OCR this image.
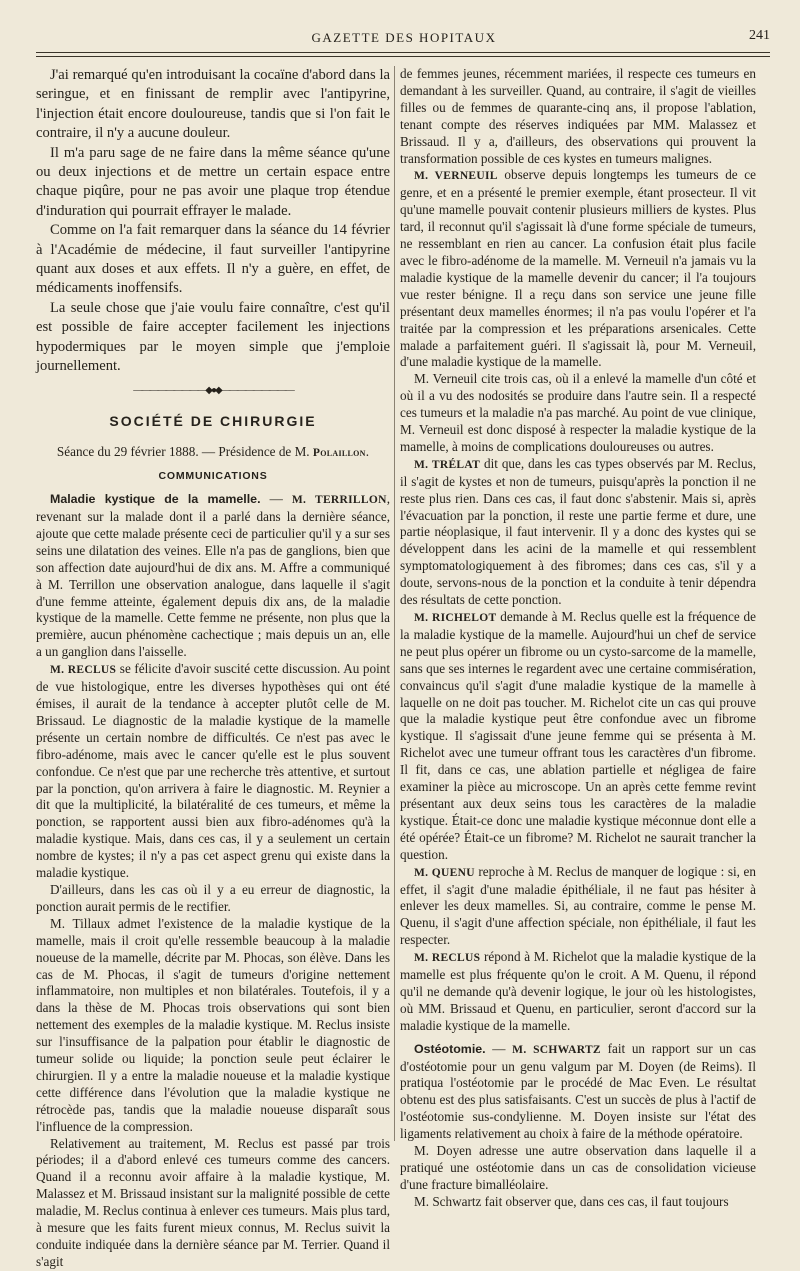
GAZETTE DES HOPITAUX	241

J'ai remarqué qu'en introduisant la cocaïne d'abord dans la seringue, et en finissant de remplir avec l'antipyrine, l'injection était encore douloureuse, tandis que si l'on fait le contraire, il n'y a aucune douleur.

Il m'a paru sage de ne faire dans la même séance qu'une ou deux injections et de mettre un certain espace entre chaque piqûre, pour ne pas avoir une plaque trop étendue d'induration qui pourrait effrayer le malade.

Comme on l'a fait remarquer dans la séance du 14 février à l'Académie de médecine, il faut surveiller l'antipyrine quant aux doses et aux effets. Il n'y a guère, en effet, de médicaments inoffensifs.

La seule chose que j'aie voulu faire connaître, c'est qu'il est possible de faire accepter facilement les injections hypodermiques par le moyen simple que j'emploie journellement.

—————————◆●◆—————————
SOCIÉTÉ DE CHIRURGIE
Séance du 29 février 1888. — Présidence de M. Polaillon.
COMMUNICATIONS

Maladie kystique de la mamelle. — M. TERRILLON, revenant sur la malade dont il a parlé dans la dernière séance, ajoute que cette malade présente ceci de particulier qu'il y a sur ses seins une dilatation des veines. Elle n'a pas de ganglions, bien que son affection date aujourd'hui de dix ans. M. Affre a communiqué à M. Terrillon une observation analogue, dans laquelle il s'agit d'une femme atteinte, également depuis dix ans, de la maladie kystique de la mamelle. Cette femme ne présente, non plus que la première, aucun phénomène cachectique ; mais depuis un an, elle a un ganglion dans l'aisselle.

M. RECLUS se félicite d'avoir suscité cette discussion. Au point de vue histologique, entre les diverses hypothèses qui ont été émises, il aurait de la tendance à accepter plutôt celle de M. Brissaud. Le diagnostic de la maladie kystique de la mamelle présente un certain nombre de difficultés. Ce n'est pas avec le fibro-adénome, mais avec le cancer qu'elle est le plus souvent confondue. Ce n'est que par une recherche très attentive, et surtout par la ponction, qu'on arrivera à faire le diagnostic. M. Reynier a dit que la multiplicité, la bilatéralité de ces tumeurs, et même la ponction, se rapportent aussi bien aux fibro-adénomes qu'à la maladie kystique. Mais, dans ces cas, il y a seulement un certain nombre de kystes; il n'y a pas cet aspect grenu qui existe dans la maladie kystique.

D'ailleurs, dans les cas où il y a eu erreur de diagnostic, la ponction aurait permis de le rectifier.

M. Tillaux admet l'existence de la maladie kystique de la mamelle, mais il croit qu'elle ressemble beaucoup à la maladie noueuse de la mamelle, décrite par M. Phocas, son élève. Dans les cas de M. Phocas, il s'agit de tumeurs d'origine nettement inflammatoire, non multiples et non bilatérales. Toutefois, il y a dans la thèse de M. Phocas trois observations qui sont bien nettement des exemples de la maladie kystique. M. Reclus insiste sur l'insuffisance de la palpation pour établir le diagnostic de tumeur solide ou liquide; la ponction seule peut éclairer le chirurgien. Il y a entre la maladie noueuse et la maladie kystique cette différence dans l'évolution que la maladie kystique ne rétrocède pas, tandis que la maladie noueuse disparaît sous l'influence de la compression.

Relativement au traitement, M. Reclus est passé par trois périodes; il a d'abord enlevé ces tumeurs comme des cancers. Quand il a reconnu avoir affaire à la maladie kystique, M. Malassez et M. Brissaud insistant sur la malignité possible de cette maladie, M. Reclus continua à enlever ces tumeurs. Mais plus tard, à mesure que les faits furent mieux connus, M. Reclus suivit la conduite indiquée dans la dernière séance par M. Terrier. Quand il s'agit

de femmes jeunes, récemment mariées, il respecte ces tumeurs en demandant à les surveiller. Quand, au contraire, il s'agit de vieilles filles ou de femmes de quarante-cinq ans, il propose l'ablation, tenant compte des réserves indiquées par MM. Malassez et Brissaud. Il y a, d'ailleurs, des observations qui prouvent la transformation possible de ces kystes en tumeurs malignes.

M. VERNEUIL observe depuis longtemps les tumeurs de ce genre, et en a présenté le premier exemple, étant prosecteur. Il vit qu'une mamelle pouvait contenir plusieurs milliers de kystes. Plus tard, il reconnut qu'il s'agissait là d'une forme spéciale de tumeurs, ne ressemblant en rien au cancer. La confusion était plus facile avec le fibro-adénome de la mamelle. M. Verneuil n'a jamais vu la maladie kystique de la mamelle devenir du cancer; il l'a toujours vue rester bénigne. Il a reçu dans son service une jeune fille présentant deux mamelles énormes; il n'a pas voulu l'opérer et l'a traitée par la compression et les préparations arsenicales. Cette malade a parfaitement guéri. Il s'agissait là, pour M. Verneuil, d'une maladie kystique de la mamelle.

M. Verneuil cite trois cas, où il a enlevé la mamelle d'un côté et où il a vu des nodosités se produire dans l'autre sein. Il a respecté ces tumeurs et la maladie n'a pas marché. Au point de vue clinique, M. Verneuil est donc disposé à respecter la maladie kystique de la mamelle, à moins de complications douloureuses ou autres.

M. TRÉLAT dit que, dans les cas types observés par M. Reclus, il s'agit de kystes et non de tumeurs, puisqu'après la ponction il ne reste plus rien. Dans ces cas, il faut donc s'abstenir. Mais si, après l'évacuation par la ponction, il reste une partie ferme et dure, une partie néoplasique, il faut intervenir. Il y a donc des kystes qui se développent dans les acini de la mamelle et qui ressemblent symptomatologiquement à des fibromes; dans ces cas, s'il y a doute, servons-nous de la ponction et la conduite à tenir dépendra des résultats de cette ponction.

M. RICHELOT demande à M. Reclus quelle est la fréquence de la maladie kystique de la mamelle. Aujourd'hui un chef de service ne peut plus opérer un fibrome ou un cysto-sarcome de la mamelle, sans que ses internes le regardent avec une certaine commisération, convaincus qu'il s'agit d'une maladie kystique de la mamelle à laquelle on ne doit pas toucher. M. Richelot cite un cas qui prouve que la maladie kystique peut être confondue avec un fibrome kystique. Il s'agissait d'une jeune femme qui se présenta à M. Richelot avec une tumeur offrant tous les caractères d'un fibrome. Il fit, dans ce cas, une ablation partielle et négligea de faire examiner la pièce au microscope. Un an après cette femme revint présentant aux deux seins tous les caractères de la maladie kystique. Était-ce donc une maladie kystique méconnue dont elle a été opérée? Était-ce un fibrome? M. Richelot ne saurait trancher la question.

M. QUENU reproche à M. Reclus de manquer de logique : si, en effet, il s'agit d'une maladie épithéliale, il ne faut pas hésiter à enlever les deux mamelles. Si, au contraire, comme le pense M. Quenu, il s'agit d'une affection spéciale, non épithéliale, il faut les respecter.

M. RECLUS répond à M. Richelot que la maladie kystique de la mamelle est plus fréquente qu'on le croit. A M. Quenu, il répond qu'il ne demande qu'à devenir logique, le jour où les histologistes, où MM. Brissaud et Quenu, en particulier, seront d'accord sur la maladie kystique de la mamelle.

Ostéotomie. — M. SCHWARTZ fait un rapport sur un cas d'ostéotomie pour un genu valgum par M. Doyen (de Reims). Il pratiqua l'ostéotomie par le procédé de Mac Even. Le résultat obtenu est des plus satisfaisants. C'est un succès de plus à l'actif de l'ostéotomie sus-condylienne. M. Doyen insiste sur l'état des ligaments relativement au choix à faire de la méthode opératoire.

M. Doyen adresse une autre observation dans laquelle il a pratiqué une ostéotomie dans un cas de consolidation vicieuse d'une fracture bimalléolaire.

M. Schwartz fait observer que, dans ces cas, il faut toujours
